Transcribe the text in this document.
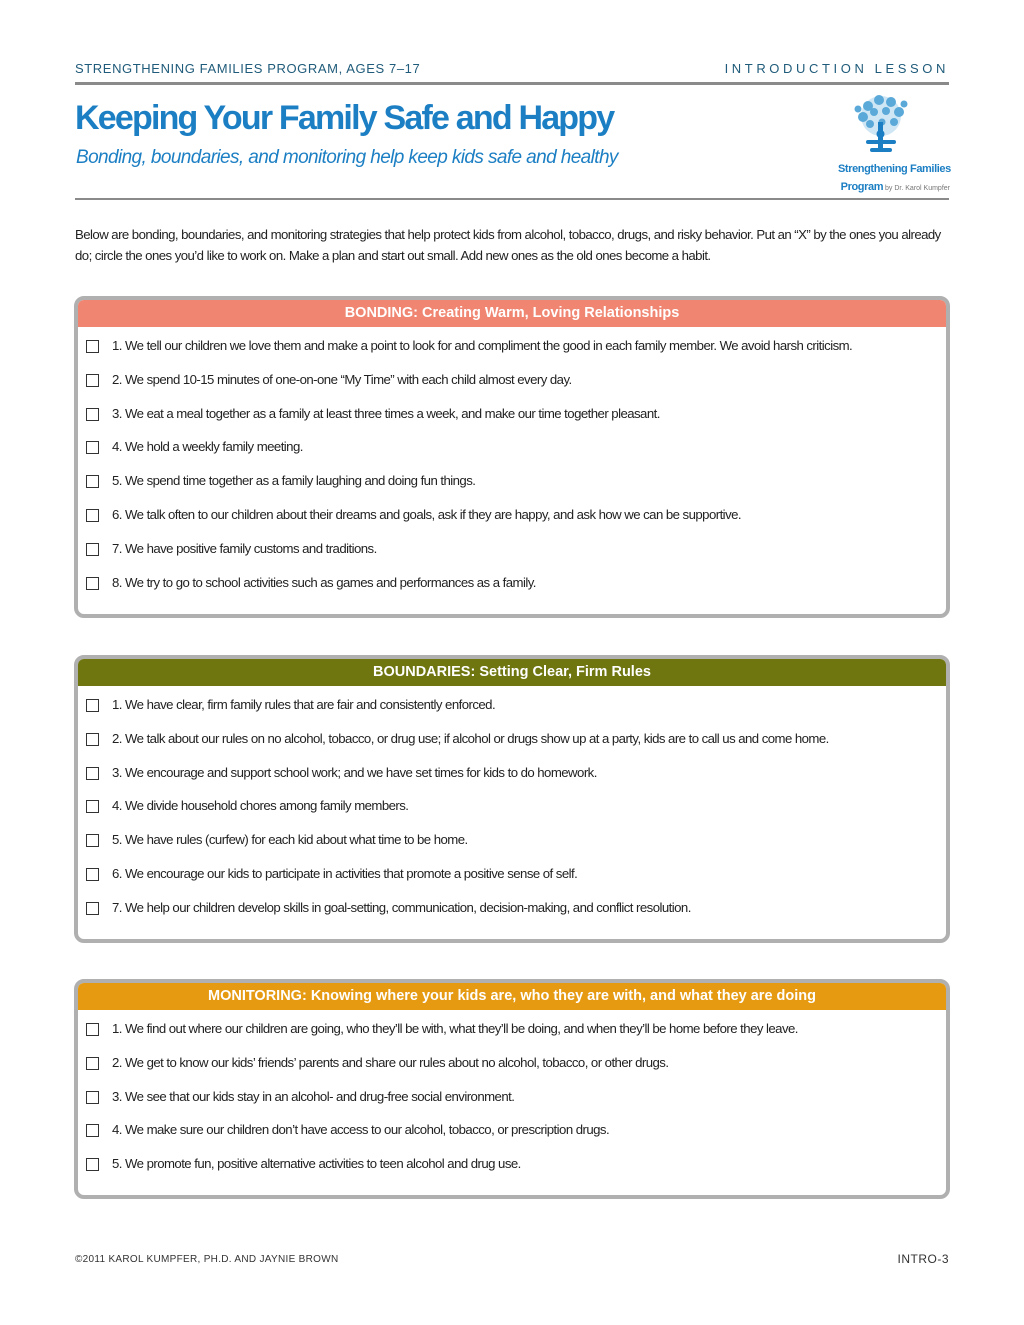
STRENGTHENING FAMILIES PROGRAM, AGES 7–17	INTRODUCTION LESSON
Keeping Your Family Safe and Happy
Bonding, boundaries, and monitoring help keep kids safe and healthy
Strengthening Families
Program by Dr. Karol Kumpfer
Below are bonding, boundaries, and monitoring strategies that help protect kids from alcohol, tobacco, drugs, and risky behavior. Put an “X” by the ones you already do; circle the ones you’d like to work on. Make a plan and start out small. Add new ones as the old ones become a habit.
BONDING: Creating Warm, Loving Relationships
1. We tell our children we love them and make a point to look for and compliment the good in each family member. We avoid harsh criticism.
2. We spend 10-15 minutes of one-on-one “My Time” with each child almost every day.
3. We eat a meal together as a family at least three times a week, and make our time together pleasant.
4. We hold a weekly family meeting.
5. We spend time together as a family laughing and doing fun things.
6. We talk often to our children about their dreams and goals, ask if they are happy, and ask how we can be supportive.
7. We have positive family customs and traditions.
8. We try to go to school activities such as games and performances as a family.
BOUNDARIES: Setting Clear, Firm Rules
1. We have clear, firm family rules that are fair and consistently enforced.
2. We talk about our rules on no alcohol, tobacco, or drug use; if alcohol or drugs show up at a party, kids are to call us and come home.
3. We encourage and support school work; and we have set times for kids to do homework.
4. We divide household chores among family members.
5. We have rules (curfew) for each kid about what time to be home.
6. We encourage our kids to participate in activities that promote a positive sense of self.
7. We help our children develop skills in goal-setting, communication, decision-making, and conflict resolution.
MONITORING: Knowing where your kids are, who they are with, and what they are doing
1. We find out where our children are going, who they’ll be with, what they’ll be doing, and when they’ll be home before they leave.
2. We get to know our kids’ friends’ parents and share our rules about no alcohol, tobacco, or other drugs.
3. We see that our kids stay in an alcohol- and drug-free social environment.
4. We make sure our children don’t have access to our alcohol, tobacco, or prescription drugs.
5. We promote fun, positive alternative activities to teen alcohol and drug use.
©2011 KAROL KUMPFER, PH.D. AND JAYNIE BROWN	INTRO-3
